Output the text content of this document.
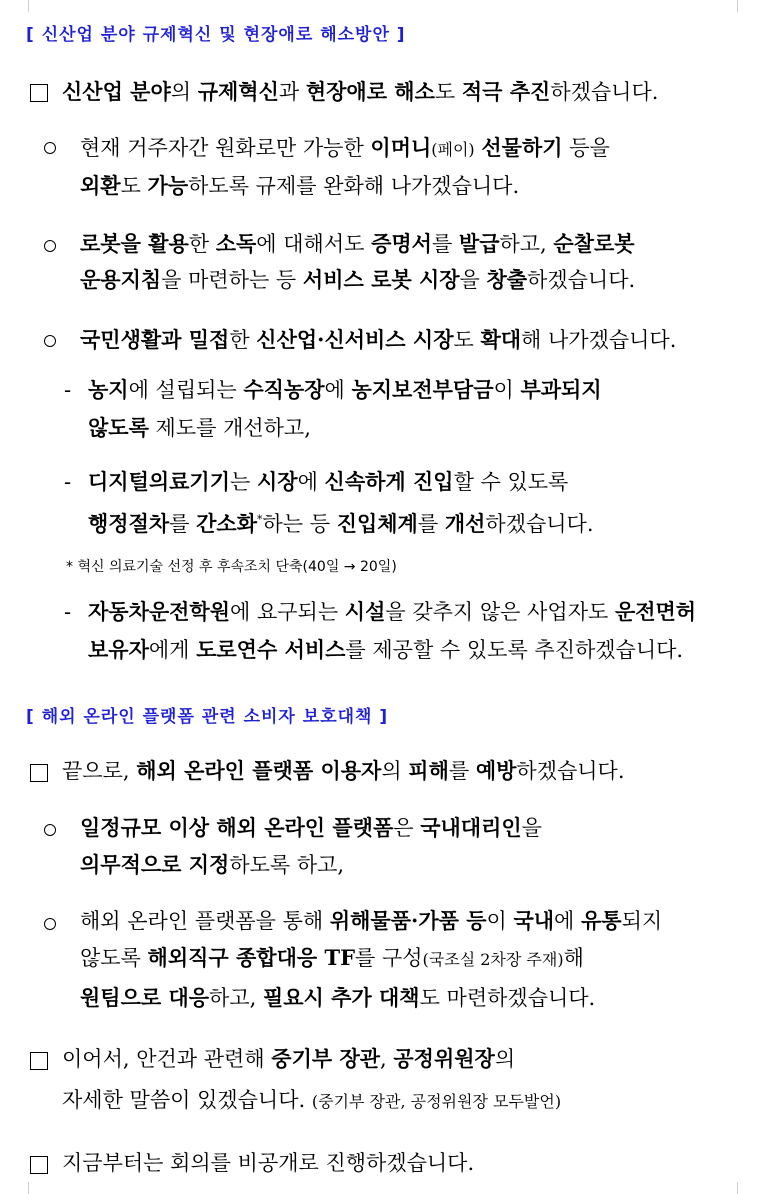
[ 신산업 분야 규제혁신 및 현장애로 해소방안 ]
신산업 분야의 규제혁신과 현장애로 해소도 적극 추진하겠습니다.
현재 거주자간 원화로만 가능한 이머니(페이) 선물하기 등을
외환도 가능하도록 규제를 완화해 나가겠습니다.
로봇을 활용한 소독에 대해서도 증명서를 발급하고, 순찰로봇
운용지침을 마련하는 등 서비스 로봇 시장을 창출하겠습니다.
국민생활과 밀접한 신산업·신서비스 시장도 확대해 나가겠습니다.
- 농지에 설립되는 수직농장에 농지보전부담금이 부과되지
않도록 제도를 개선하고,
- 디지털의료기기는 시장에 신속하게 진입할 수 있도록
행정절차를 간소화*하는 등 진입체계를 개선하겠습니다.
* 혁신 의료기술 선정 후 후속조치 단축(40일 → 20일)
- 자동차운전학원에 요구되는 시설을 갖추지 않은 사업자도 운전면허
보유자에게 도로연수 서비스를 제공할 수 있도록 추진하겠습니다.
[ 해외 온라인 플랫폼 관련 소비자 보호대책 ]
끝으로, 해외 온라인 플랫폼 이용자의 피해를 예방하겠습니다.
일정규모 이상 해외 온라인 플랫폼은 국내대리인을
의무적으로 지정하도록 하고,
해외 온라인 플랫폼을 통해 위해물품·가품 등이 국내에 유통되지
않도록 해외직구 종합대응 TF를 구성(국조실 2차장 주재)해
원팀으로 대응하고, 필요시 추가 대책도 마련하겠습니다.
이어서, 안건과 관련해 중기부 장관, 공정위원장의
자세한 말씀이 있겠습니다. (중기부 장관, 공정위원장 모두발언)
지금부터는 회의를 비공개로 진행하겠습니다.
